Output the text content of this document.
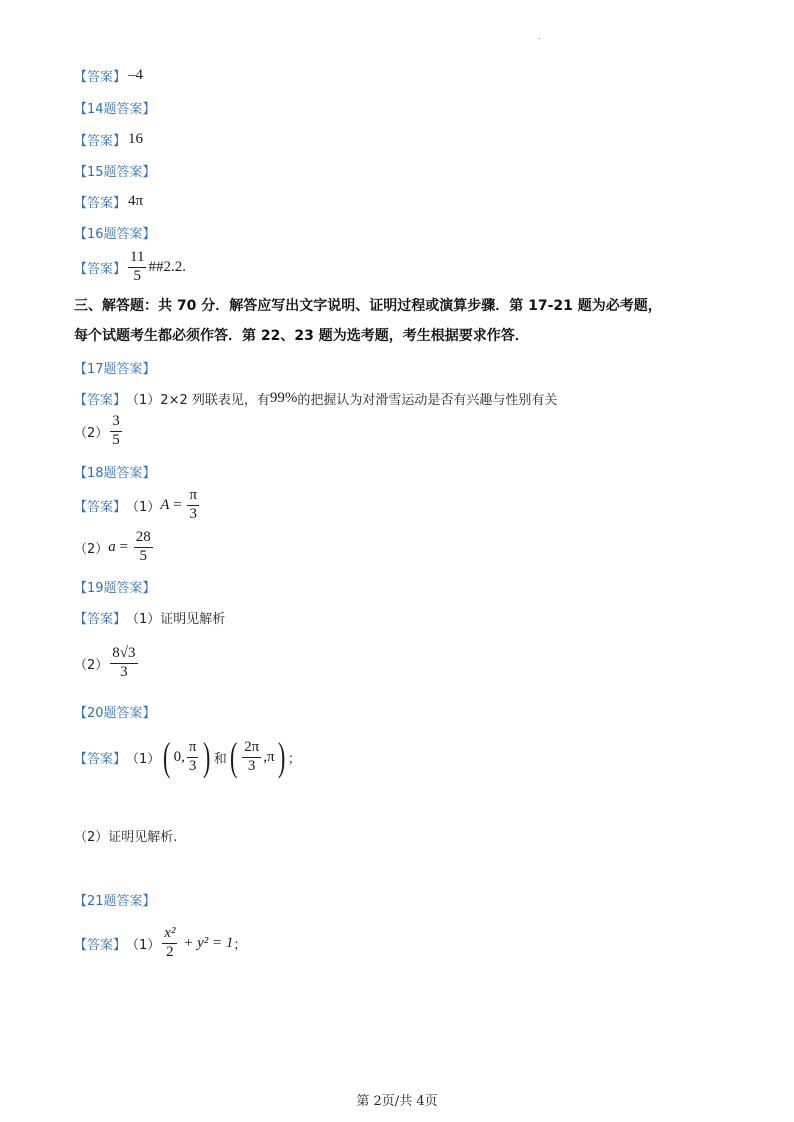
.
【答案】 –4
【14题答案】
【答案】 16
【15题答案】
【答案】 4π
【16题答案】
【答案】 $\frac{11}{5}$ ##2.2.
三、解答题：共 70 分．解答应写出文字说明、证明过程或演算步骤．第 17-21 题为必考题，
每个试题考生都必须作答．第 22、23 题为选考题，考生根据要求作答．
【17题答案】
【答案】 （1） 2×2 列联表见，有 99% 的把握认为对滑雪运动是否有兴趣与性别有关
$(2) \frac{3}{5}$
【18题答案】
【答案】 （1） $A = \frac{\pi}{3}$
（2） $a = \frac{28}{5}$
【19题答案】
【答案】 （1） 证明见解析
$(2) \frac{8√3}{3}$
【20题答案】
【答案】 （1） ( 0, $\frac{\pi}{3}$ ) 和 ( $\frac{2\pi}{3} ,\pi$ ) ；
（2）证明见解析.
【21题答案】
【答案】 $(1) \frac{\text{x²}}{2} + y^2 = 1$ ；
第 2页/共 4页
